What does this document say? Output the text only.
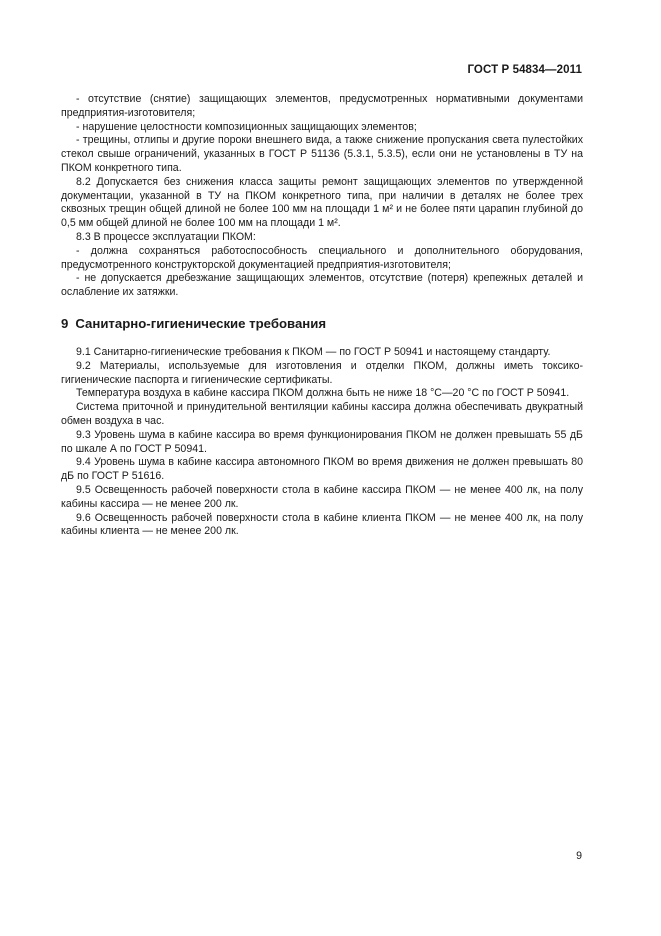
ГОСТ Р 54834—2011

- отсутствие (снятие) защищающих элементов, предусмотренных нормативными документами предприятия-изготовителя;

- нарушение целостности композиционных защищающих элементов;

- трещины, отлипы и другие пороки внешнего вида, а также снижение пропускания света пулестойких стекол свыше ограничений, указанных в ГОСТ Р 51136 (5.3.1, 5.3.5), если они не установлены в ТУ на ПКОМ конкретного типа.

8.2 Допускается без снижения класса защиты ремонт защищающих элементов по утвержденной документации, указанной в ТУ на ПКОМ конкретного типа, при наличии в деталях не более трех сквозных трещин общей длиной не более 100 мм на площади 1 м² и не более пяти царапин глубиной до 0,5 мм общей длиной не более 100 мм на площади 1 м².

8.3 В процессе эксплуатации ПКОМ:

- должна сохраняться работоспособность специального и дополнительного оборудования, предусмотренного конструкторской документацией предприятия-изготовителя;

- не допускается дребезжание защищающих элементов, отсутствие (потеря) крепежных деталей и ослабление их затяжки.

9 Санитарно-гигиенические требования

9.1 Санитарно-гигиенические требования к ПКОМ — по ГОСТ Р 50941 и настоящему стандарту.

9.2 Материалы, используемые для изготовления и отделки ПКОМ, должны иметь токсико-гигиенические паспорта и гигиенические сертификаты.

Температура воздуха в кабине кассира ПКОМ должна быть не ниже 18 °С—20 °С по ГОСТ Р 50941.

Система приточной и принудительной вентиляции кабины кассира должна обеспечивать двукратный обмен воздуха в час.

9.3 Уровень шума в кабине кассира во время функционирования ПКОМ не должен превышать 55 дБ по шкале А по ГОСТ Р 50941.

9.4 Уровень шума в кабине кассира автономного ПКОМ во время движения не должен превышать 80 дБ по ГОСТ Р 51616.

9.5 Освещенность рабочей поверхности стола в кабине кассира ПКОМ — не менее 400 лк, на полу кабины кассира — не менее 200 лк.

9.6 Освещенность рабочей поверхности стола в кабине клиента ПКОМ — не менее 400 лк, на полу кабины клиента — не менее 200 лк.

9
